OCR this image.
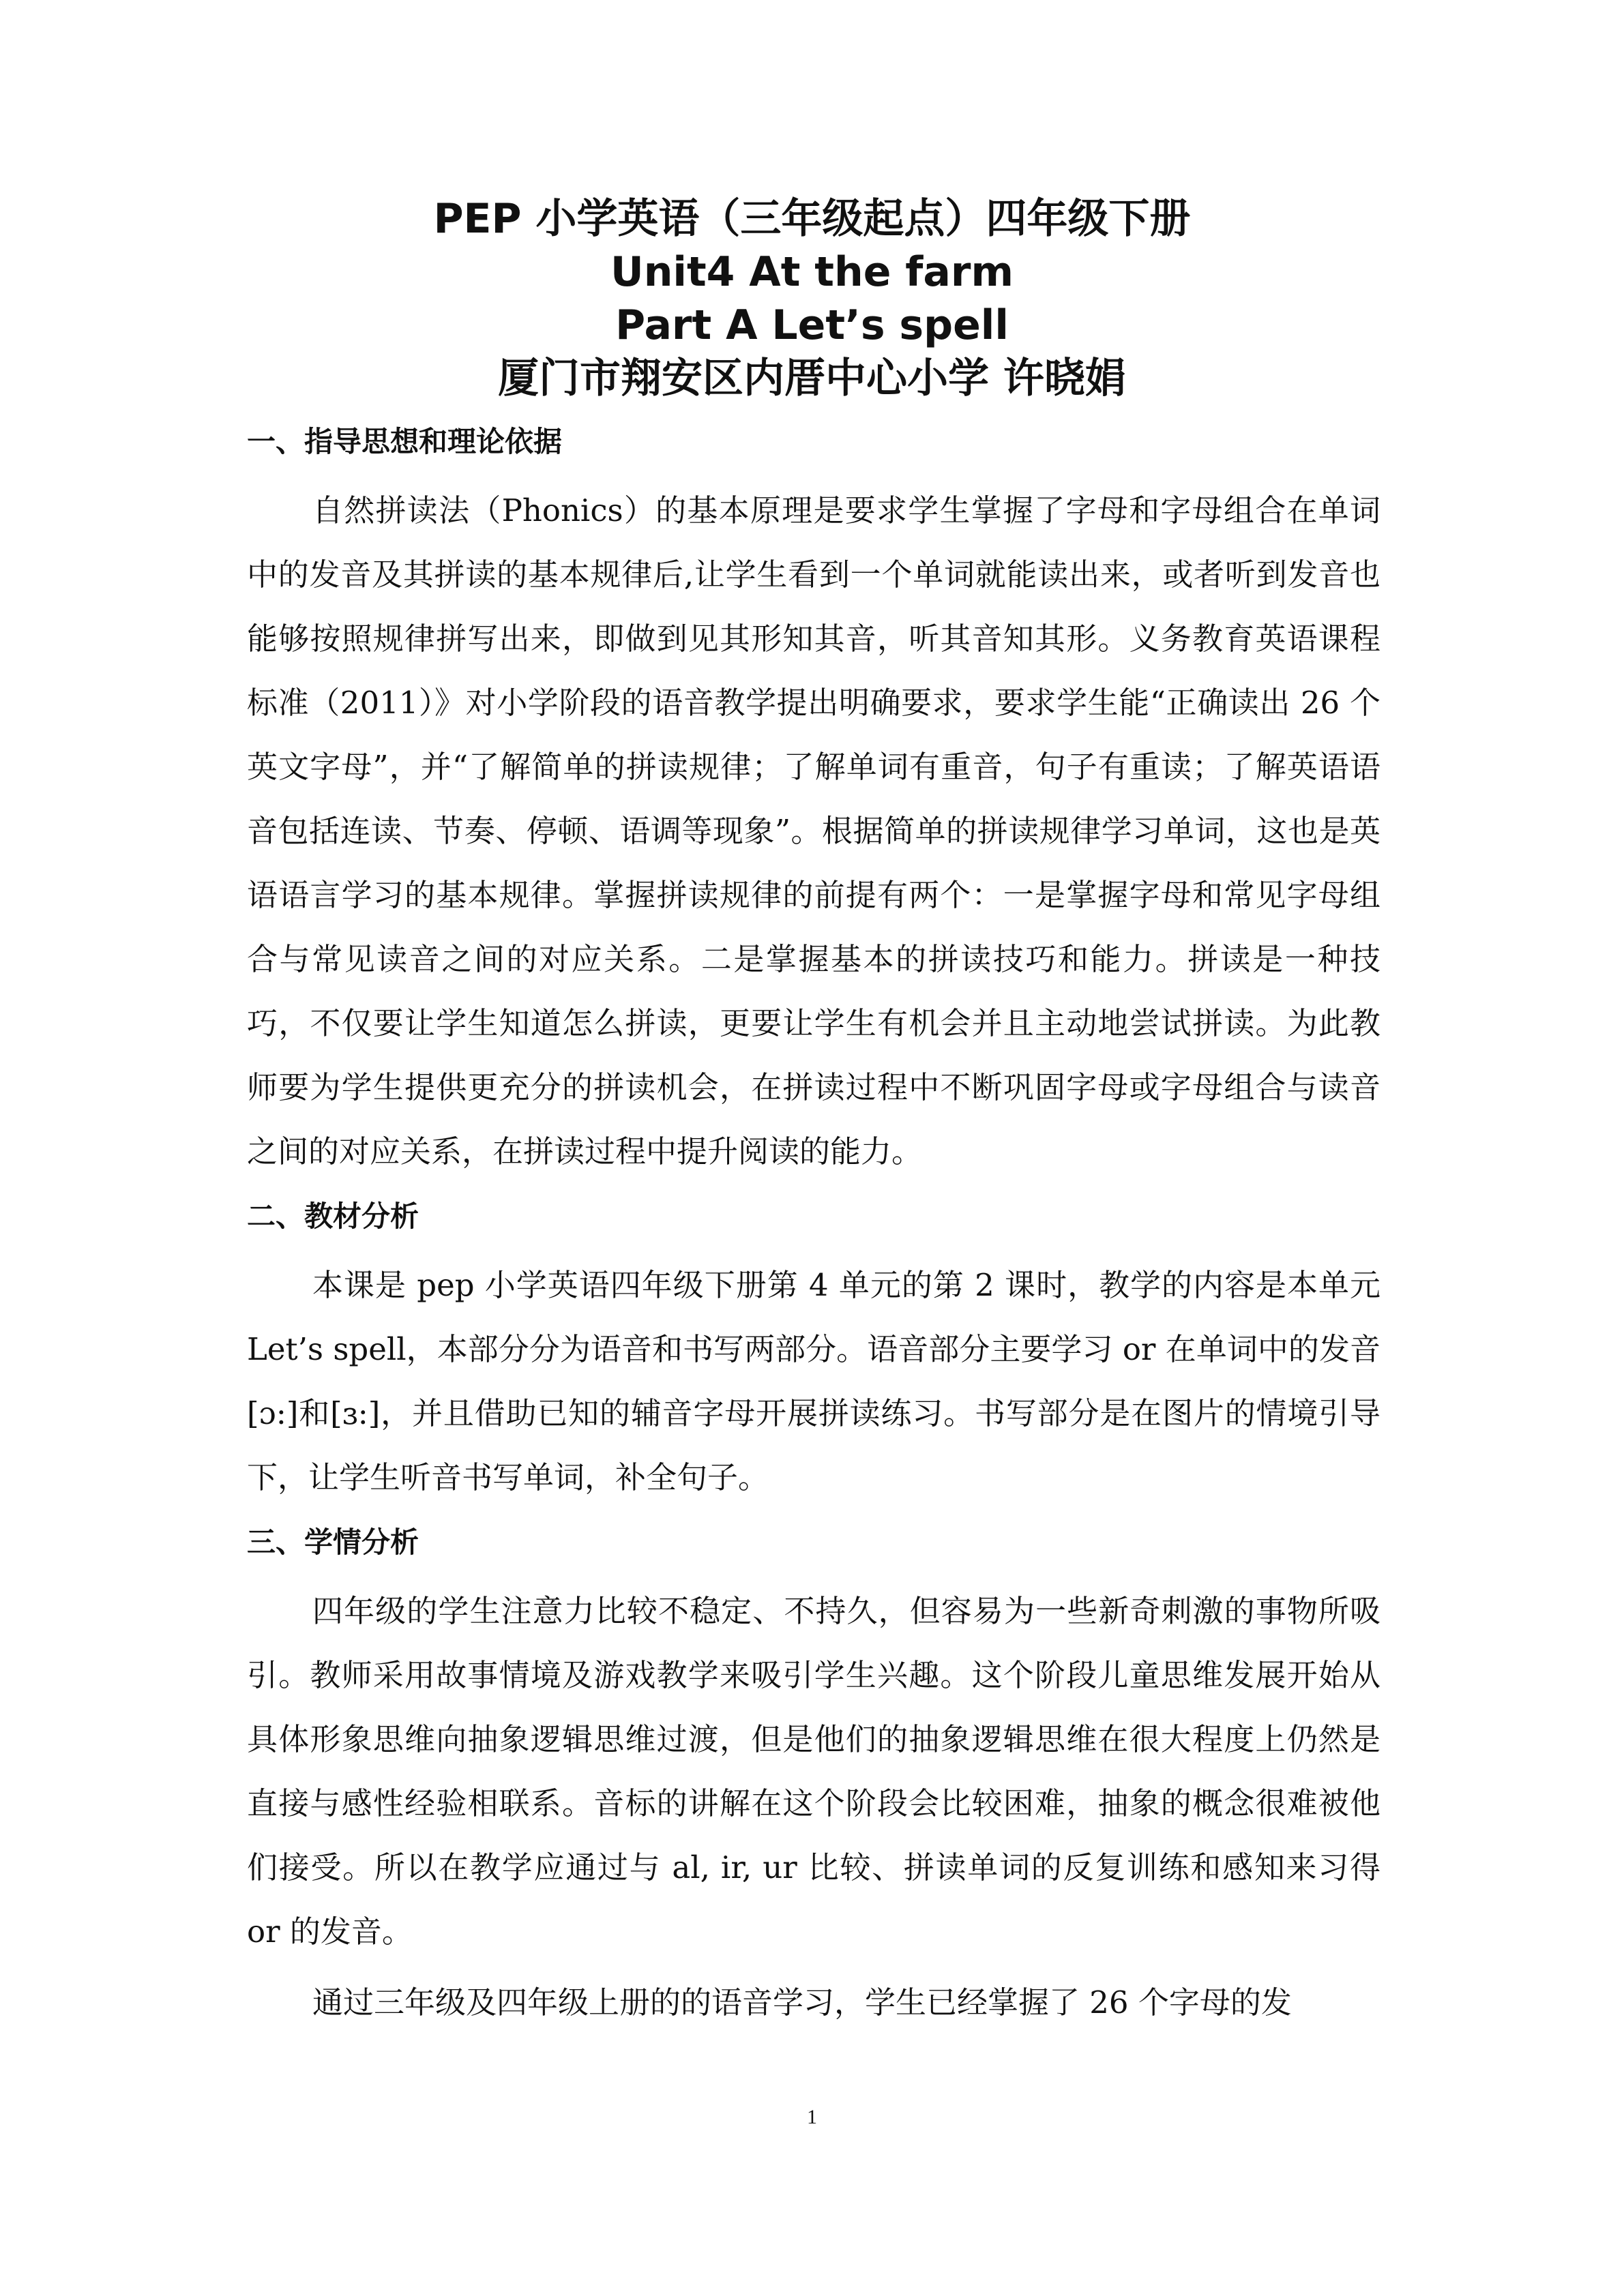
PEP 小学英语（三年级起点）四年级下册
Unit4 At the farm
Part A Let’s spell
厦门市翔安区内厝中心小学 许晓娟
一、指导思想和理论依据

自然拼读法（Phonics）的基本原理是要求学生掌握了字母和字母组合在单词中的发音及其拼读的基本规律后,让学生看到一个单词就能读出来，或者听到发音也能够按照规律拼写出来，即做到见其形知其音，听其音知其形。义务教育英语课程标准（2011）》对小学阶段的语音教学提出明确要求，要求学生能“正确读出 26 个英文字母”，并“了解简单的拼读规律；了解单词有重音，句子有重读；了解英语语音包括连读、节奏、停顿、语调等现象”。根据简单的拼读规律学习单词，这也是英语语言学习的基本规律。掌握拼读规律的前提有两个：一是掌握字母和常见字母组合与常见读音之间的对应关系。二是掌握基本的拼读技巧和能力。拼读是一种技巧，不仅要让学生知道怎么拼读，更要让学生有机会并且主动地尝试拼读。为此教师要为学生提供更充分的拼读机会，在拼读过程中不断巩固字母或字母组合与读音之间的对应关系，在拼读过程中提升阅读的能力。

二、教材分析

本课是 pep 小学英语四年级下册第 4 单元的第 2 课时，教学的内容是本单元 Let’s spell，本部分分为语音和书写两部分。语音部分主要学习 or 在单词中的发音[ɔ:]和[ɜ:]，并且借助已知的辅音字母开展拼读练习。书写部分是在图片的情境引导下，让学生听音书写单词，补全句子。

三、学情分析

四年级的学生注意力比较不稳定、不持久，但容易为一些新奇刺激的事物所吸引。教师采用故事情境及游戏教学来吸引学生兴趣。这个阶段儿童思维发展开始从具体形象思维向抽象逻辑思维过渡，但是他们的抽象逻辑思维在很大程度上仍然是直接与感性经验相联系。音标的讲解在这个阶段会比较困难，抽象的概念很难被他们接受。所以在教学应通过与 al, ir, ur 比较、拼读单词的反复训练和感知来习得 or 的发音。

通过三年级及四年级上册的的语音学习，学生已经掌握了 26 个字母的发

1
